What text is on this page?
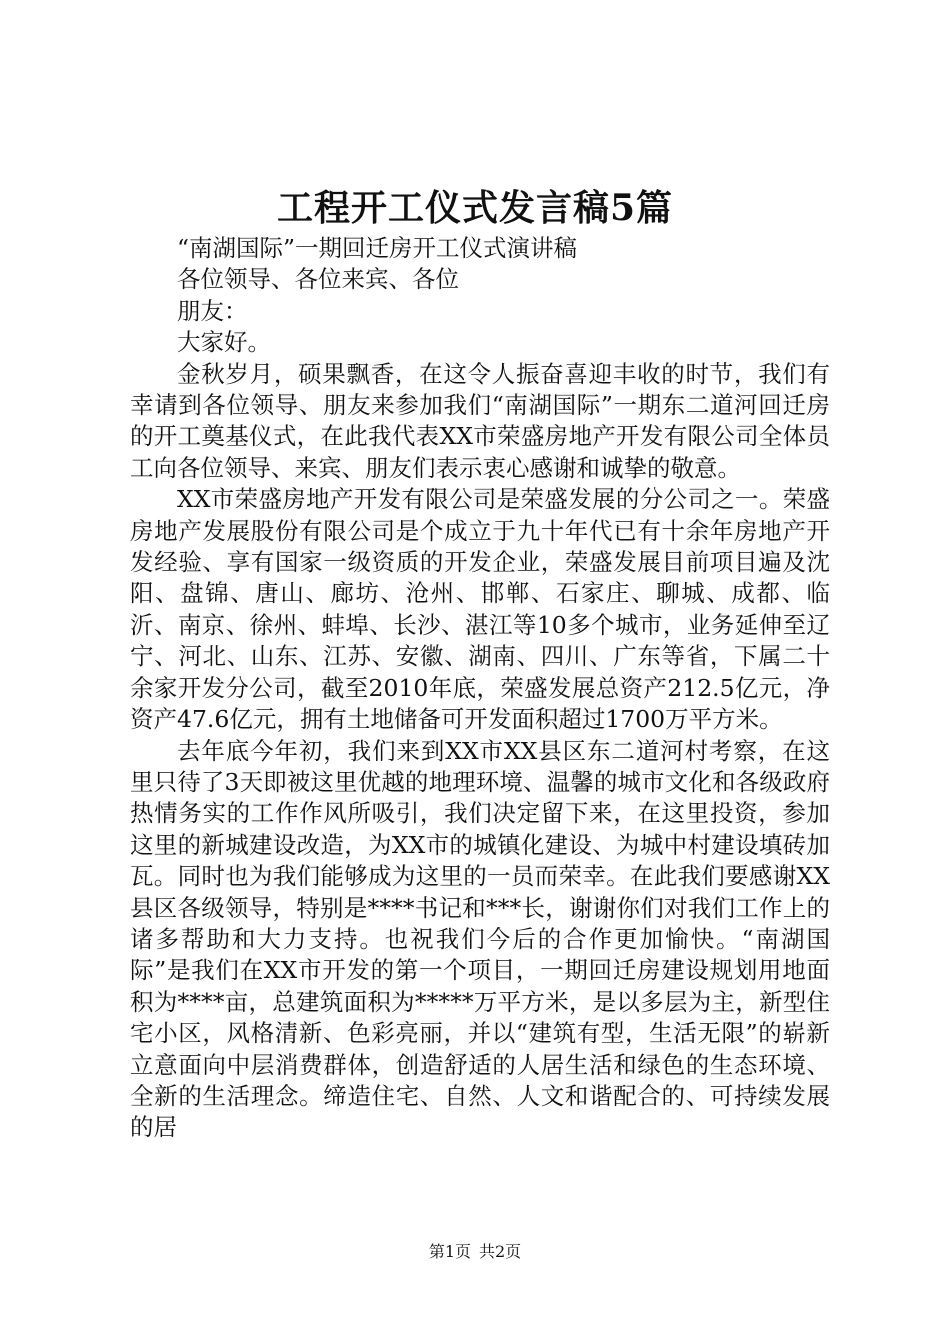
工程开工仪式发言稿5篇

“南湖国际”一期回迁房开工仪式演讲稿

各位领导、各位来宾、各位

朋友：

大家好。

金秋岁月，硕果飘香，在这令人振奋喜迎丰收的时节，我们有幸请到各位领导、朋友来参加我们“南湖国际”一期东二道河回迁房的开工奠基仪式，在此我代表XX市荣盛房地产开发有限公司全体员工向各位领导、来宾、朋友们表示衷心感谢和诚挚的敬意。

XX市荣盛房地产开发有限公司是荣盛发展的分公司之一。荣盛房地产发展股份有限公司是个成立于九十年代已有十余年房地产开发经验、享有国家一级资质的开发企业，荣盛发展目前项目遍及沈阳、盘锦、唐山、廊坊、沧州、邯郸、石家庄、聊城、成都、临沂、南京、徐州、蚌埠、长沙、湛江等10多个城市，业务延伸至辽宁、河北、山东、江苏、安徽、湖南、四川、广东等省，下属二十余家开发分公司，截至2010年底，荣盛发展总资产212.5亿元，净资产47.6亿元，拥有土地储备可开发面积超过1700万平方米。

去年底今年初，我们来到XX市XX县区东二道河村考察，在这里只待了3天即被这里优越的地理环境、温馨的城市文化和各级政府热情务实的工作作风所吸引，我们决定留下来，在这里投资，参加这里的新城建设改造，为XX市的城镇化建设、为城中村建设填砖加瓦。同时也为我们能够成为这里的一员而荣幸。在此我们要感谢XX县区各级领导，特别是****书记和***长，谢谢你们对我们工作上的诸多帮助和大力支持。也祝我们今后的合作更加愉快。“南湖国际”是我们在XX市开发的第一个项目，一期回迁房建设规划用地面积为****亩，总建筑面积为*****万平方米，是以多层为主，新型住宅小区，风格清新、色彩亮丽，并以“建筑有型，生活无限”的崭新立意面向中层消费群体，创造舒适的人居生活和绿色的生态环境、全新的生活理念。缔造住宅、自然、人文和谐配合的、可持续发展的居

第1页 共2页
